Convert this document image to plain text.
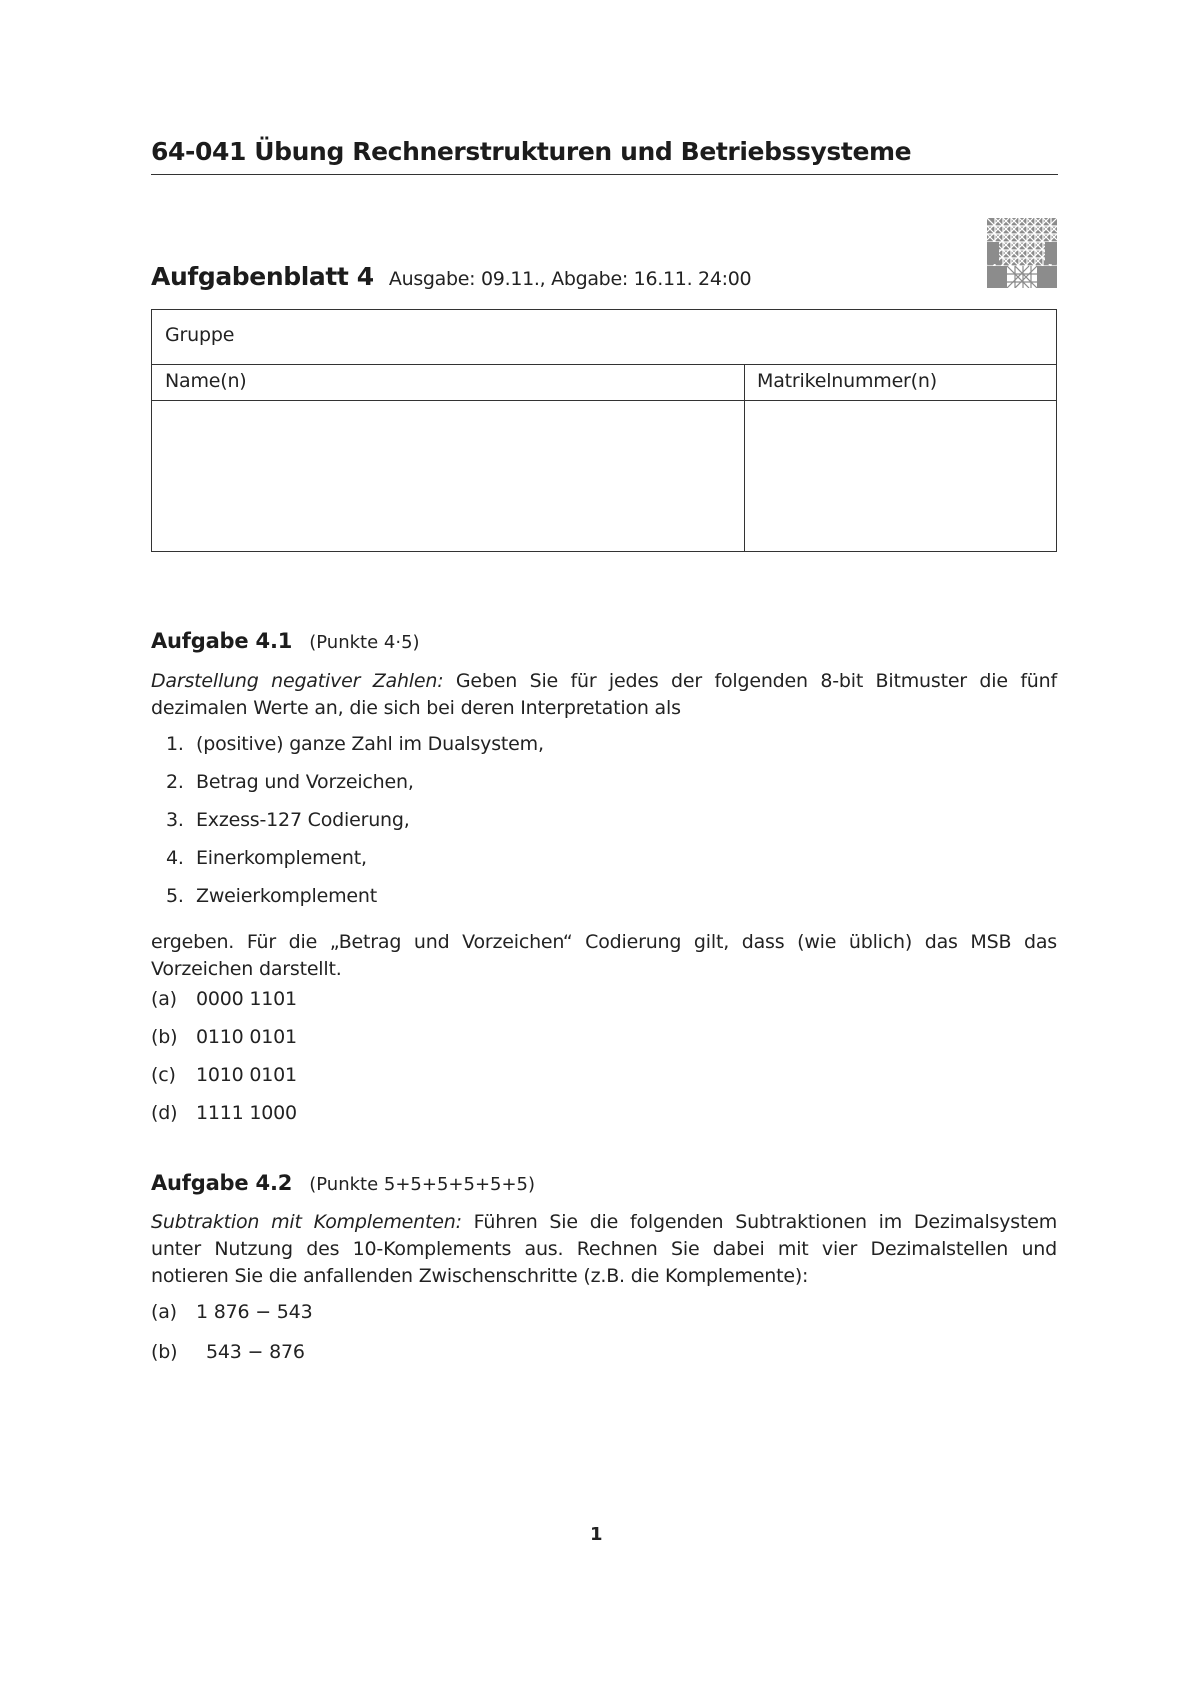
64-041 Übung Rechnerstrukturen und Betriebssysteme
Aufgabenblatt 4 Ausgabe: 09.11., Abgabe: 16.11. 24:00
Gruppe
Name(n)	Matrikelnummer(n)
Aufgabe 4.1 (Punkte 4·5)
Darstellung negativer Zahlen: Geben Sie für jedes der folgenden 8-bit Bitmuster die fünf dezimalen Werte an, die sich bei deren Interpretation als
1. (positive) ganze Zahl im Dualsystem,
2. Betrag und Vorzeichen,
3. Exzess-127 Codierung,
4. Einerkomplement,
5. Zweierkomplement
ergeben. Für die „Betrag und Vorzeichen“ Codierung gilt, dass (wie üblich) das MSB das Vorzeichen darstellt.
(a) 0000 1101
(b) 0110 0101
(c) 1010 0101
(d) 1111 1000
Aufgabe 4.2 (Punkte 5+5+5+5+5+5)
Subtraktion mit Komplementen: Führen Sie die folgenden Subtraktionen im Dezimalsystem unter Nutzung des 10-Komplements aus. Rechnen Sie dabei mit vier Dezimalstellen und notieren Sie die anfallenden Zwischenschritte (z.B. die Komplemente):
(a) 1 876 − 543
(b) 543 − 876
1
